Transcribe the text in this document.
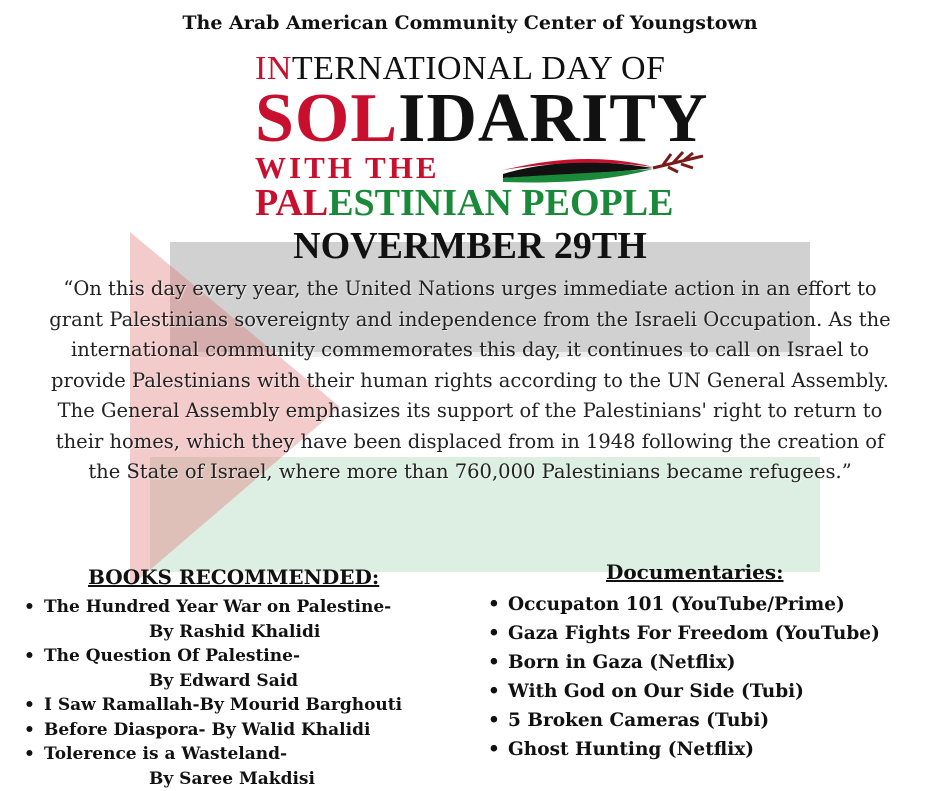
The Arab American Community Center of Youngstown
INTERNATIONAL DAY OF
SOLIDARITY
WITH THE
PALESTINIAN PEOPLE
NOVERMBER 29TH
“On this day every year, the United Nations urges immediate action in an effort to grant Palestinians sovereignty and independence from the Israeli Occupation. As the international community commemorates this day, it continues to call on Israel to provide Palestinians with their human rights according to the UN General Assembly. The General Assembly emphasizes its support of the Palestinians' right to return to their homes, which they have been displaced from in 1948 following the creation of the State of Israel, where more than 760,000 Palestinians became refugees.”
BOOKS RECOMMENDED:
• The Hundred Year War on Palestine-
By Rashid Khalidi
• The Question Of Palestine-
By Edward Said
• I Saw Ramallah-By Mourid Barghouti
• Before Diaspora- By Walid Khalidi
• Tolerence is a Wasteland-
By Saree Makdisi
Documentaries:
• Occupaton 101 (YouTube/Prime)
• Gaza Fights For Freedom (YouTube)
• Born in Gaza (Netflix)
• With God on Our Side (Tubi)
• 5 Broken Cameras (Tubi)
• Ghost Hunting (Netflix)
